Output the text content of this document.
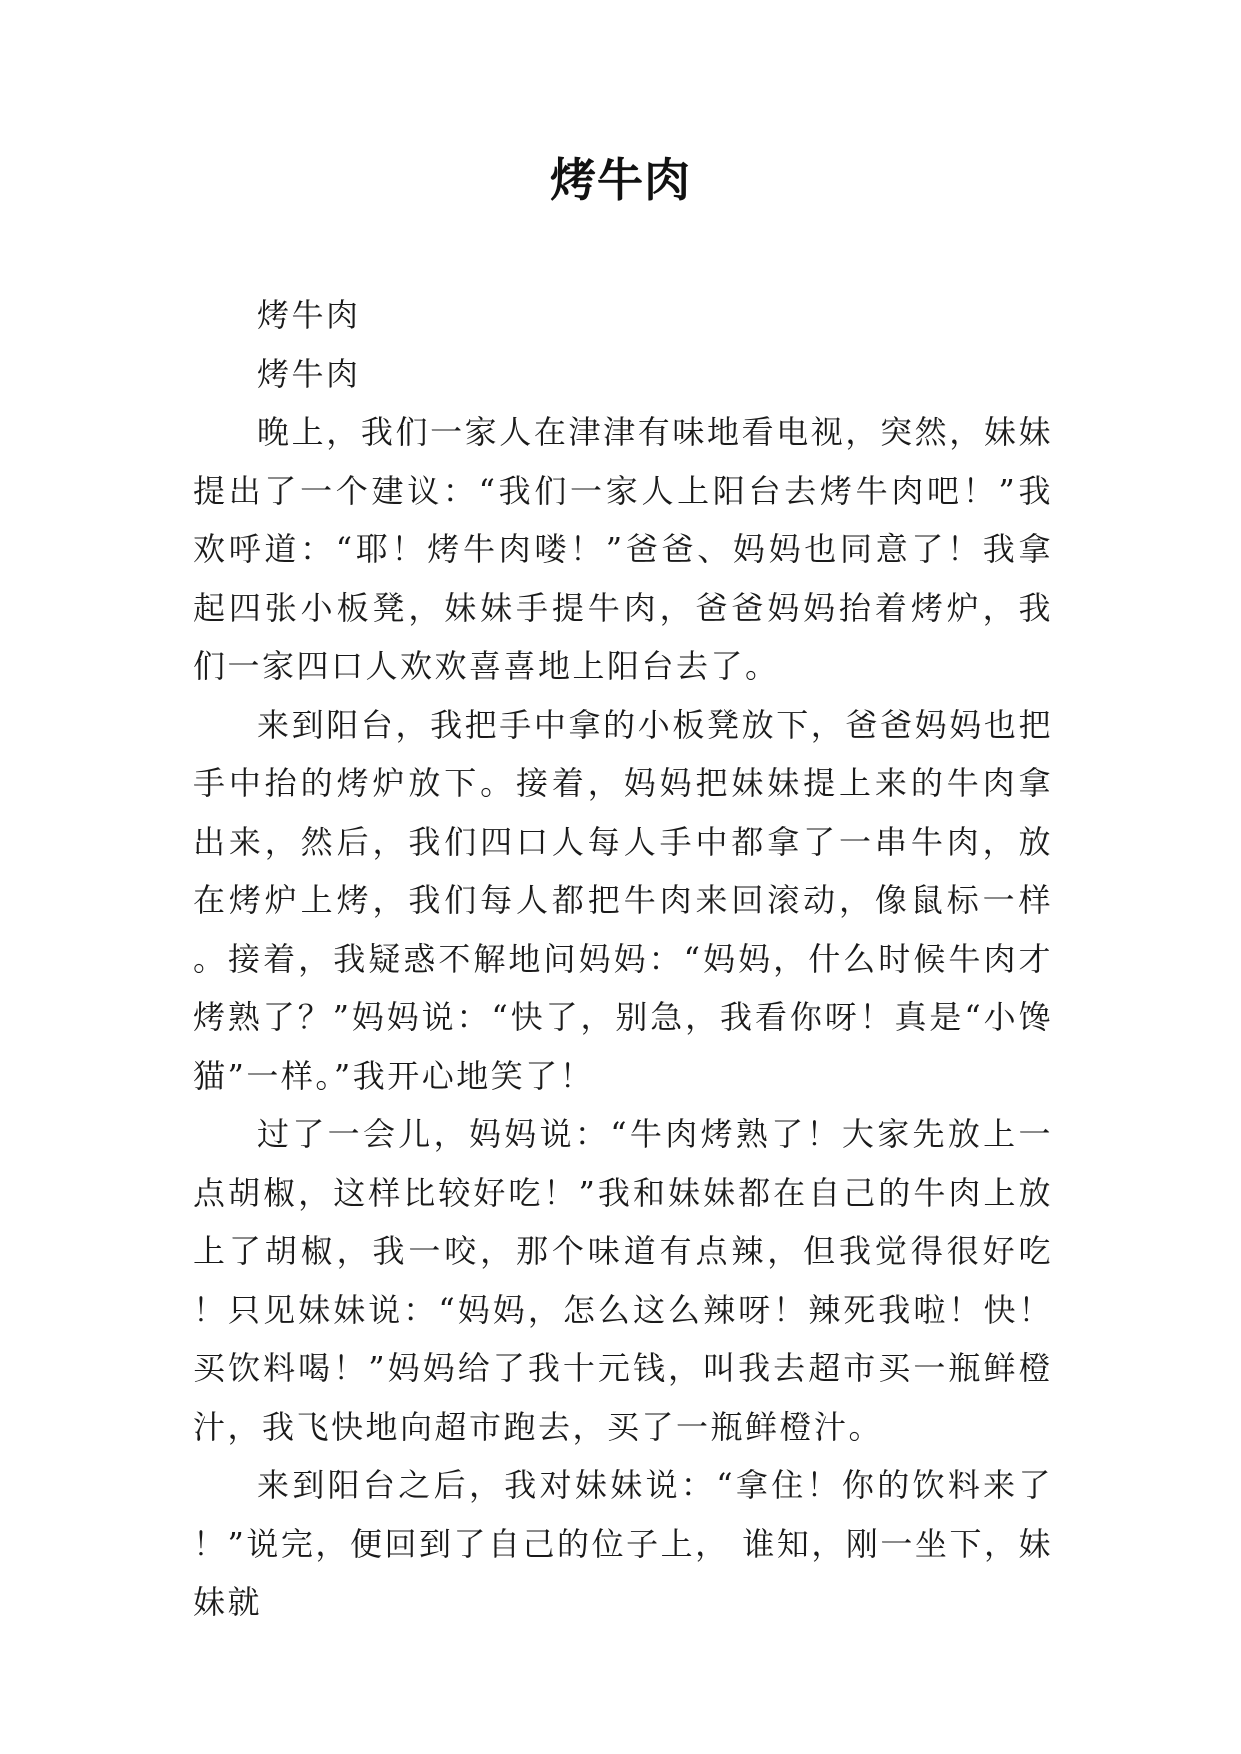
烤牛肉

烤牛肉

烤牛肉

晚上，我们一家人在津津有味地看电视，突然，妹妹提出了一个建议：“我们一家人上阳台去烤牛肉吧！”我欢呼道：“耶！烤牛肉喽！”爸爸、妈妈也同意了！我拿起四张小板凳，妹妹手提牛肉，爸爸妈妈抬着烤炉，我们一家四口人欢欢喜喜地上阳台去了。

来到阳台，我把手中拿的小板凳放下，爸爸妈妈也把手中抬的烤炉放下。接着，妈妈把妹妹提上来的牛肉拿出来，然后，我们四口人每人手中都拿了一串牛肉，放在烤炉上烤，我们每人都把牛肉来回滚动，像鼠标一样。接着，我疑惑不解地问妈妈：“妈妈，什么时候牛肉才烤熟了？”妈妈说：“快了，别急，我看你呀！真是“小馋猫”一样。”我开心地笑了！

过了一会儿，妈妈说：“牛肉烤熟了！大家先放上一点胡椒，这样比较好吃！”我和妹妹都在自己的牛肉上放上了胡椒，我一咬，那个味道有点辣，但我觉得很好吃！只见妹妹说：“妈妈，怎么这么辣呀！辣死我啦！快！买饮料喝！”妈妈给了我十元钱，叫我去超市买一瓶鲜橙汁，我飞快地向超市跑去，买了一瓶鲜橙汁。

来到阳台之后，我对妹妹说：“拿住！你的饮料来了！”说完，便回到了自己的位子上， 谁知，刚一坐下，妹妹就
